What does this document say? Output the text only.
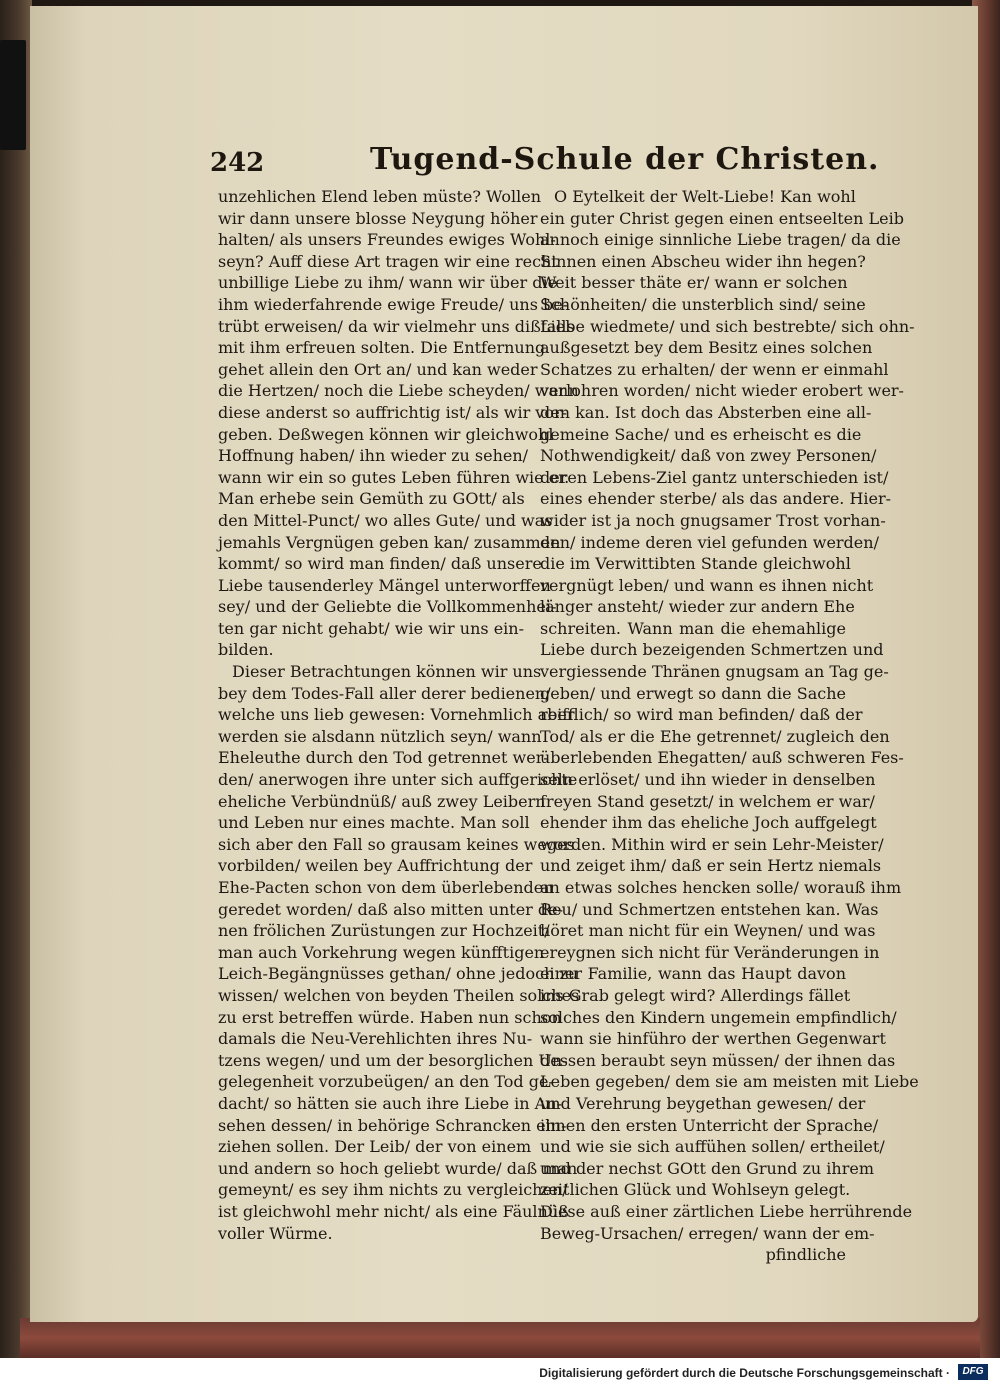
242	Tugend-Schule der Christen.
unzehlichen Elend leben müste? Wollen
wir dann unsere blosse Neygung höher
halten/ als unsers Freundes ewiges Wohl-
seyn? Auff diese Art tragen wir eine recht
unbillige Liebe zu ihm/ wann wir über die
ihm wiederfahrende ewige Freude/ uns be-
trübt erweisen/ da wir vielmehr uns dißfalls
mit ihm erfreuen solten. Die Entfernung
gehet allein den Ort an/ und kan weder
die Hertzen/ noch die Liebe scheyden/ wann
diese anderst so auffrichtig ist/ als wir vor-
geben. Deßwegen können wir gleichwohl
Hoffnung haben/ ihn wieder zu sehen/
wann wir ein so gutes Leben führen wie er.
Man erhebe sein Gemüth zu GOtt/ als
den Mittel-Punct/ wo alles Gute/ und was
jemahls Vergnügen geben kan/ zusammen
kommt/ so wird man finden/ daß unsere
Liebe tausenderley Mängel unterworffen
sey/ und der Geliebte die Vollkommenhei-
ten gar nicht gehabt/ wie wir uns ein-
bilden.
Dieser Betrachtungen können wir uns
bey dem Todes-Fall aller derer bedienen/
welche uns lieb gewesen: Vornehmlich aber
werden sie alsdann nützlich seyn/ wann
Eheleuthe durch den Tod getrennet wer-
den/ anerwogen ihre unter sich auffgerichte
eheliche Verbündnüß/ auß zwey Leibern
und Leben nur eines machte. Man soll
sich aber den Fall so grausam keines weges
vorbilden/ weilen bey Auffrichtung der
Ehe-Pacten schon von dem überlebenden
geredet worden/ daß also mitten unter de-
nen frölichen Zurüstungen zur Hochzeit/
man auch Vorkehrung wegen künfftigen
Leich-Begängnüsses gethan/ ohne jedoch zu
wissen/ welchen von beyden Theilen solches
zu erst betreffen würde. Haben nun schon
damals die Neu-Verehlichten ihres Nu-
tzens wegen/ und um der besorglichen Un-
gelegenheit vorzubeügen/ an den Tod ge-
dacht/ so hätten sie auch ihre Liebe in An-
sehen dessen/ in behörige Schrancken ein-
ziehen sollen. Der Leib/ der von einem
und andern so hoch geliebt wurde/ daß man
gemeynt/ es sey ihm nichts zu vergleichen/
ist gleichwohl mehr nicht/ als eine Fäulnüß
voller Würme.
O Eytelkeit der Welt-Liebe! Kan wohl
ein guter Christ gegen einen entseelten Leib
annoch einige sinnliche Liebe tragen/ da die
Sinnen einen Abscheu wider ihn hegen?
Weit besser thäte er/ wann er solchen
Schönheiten/ die unsterblich sind/ seine
Liebe wiedmete/ und sich bestrebte/ sich ohn-
außgesetzt bey dem Besitz eines solchen
Schatzes zu erhalten/ der wenn er einmahl
verlohren worden/ nicht wieder erobert wer-
den kan. Ist doch das Absterben eine all-
gemeine Sache/ und es erheischt es die
Nothwendigkeit/ daß von zwey Personen/
deren Lebens-Ziel gantz unterschieden ist/
eines ehender sterbe/ als das andere. Hier-
wider ist ja noch gnugsamer Trost vorhan-
den/ indeme deren viel gefunden werden/
die im Verwittibten Stande gleichwohl
vergnügt leben/ und wann es ihnen nicht
länger ansteht/ wieder zur andern Ehe
schreiten. Wann man die ehemahlige
Liebe durch bezeigenden Schmertzen und
vergiessende Thränen gnugsam an Tag ge-
geben/ und erwegt so dann die Sache
reifflich/ so wird man befinden/ daß der
Tod/ als er die Ehe getrennet/ zugleich den
überlebenden Ehegatten/ auß schweren Fes-
seln erlöset/ und ihn wieder in denselben
freyen Stand gesetzt/ in welchem er war/
ehender ihm das eheliche Joch auffgelegt
worden. Mithin wird er sein Lehr-Meister/
und zeiget ihm/ daß er sein Hertz niemals
an etwas solches hencken solle/ worauß ihm
Reu/ und Schmertzen entstehen kan. Was
höret man nicht für ein Weynen/ und was
ereygnen sich nicht für Veränderungen in
einer Familie, wann das Haupt davon
ins Grab gelegt wird? Allerdings fället
solches den Kindern ungemein empfindlich/
wann sie hinführo der werthen Gegenwart
dessen beraubt seyn müssen/ der ihnen das
Leben gegeben/ dem sie am meisten mit Liebe
und Verehrung beygethan gewesen/ der
ihnen den ersten Unterricht der Sprache/
und wie sie sich auffühen sollen/ ertheilet/
und der nechst GOtt den Grund zu ihrem
zeitlichen Glück und Wohlseyn gelegt.
Diese auß einer zärtlichen Liebe herrührende
Beweg-Ursachen/ erregen/ wann der em-
pfindliche
Digitalisierung gefördert durch die Deutsche Forschungsgemeinschaft ·	DFG
